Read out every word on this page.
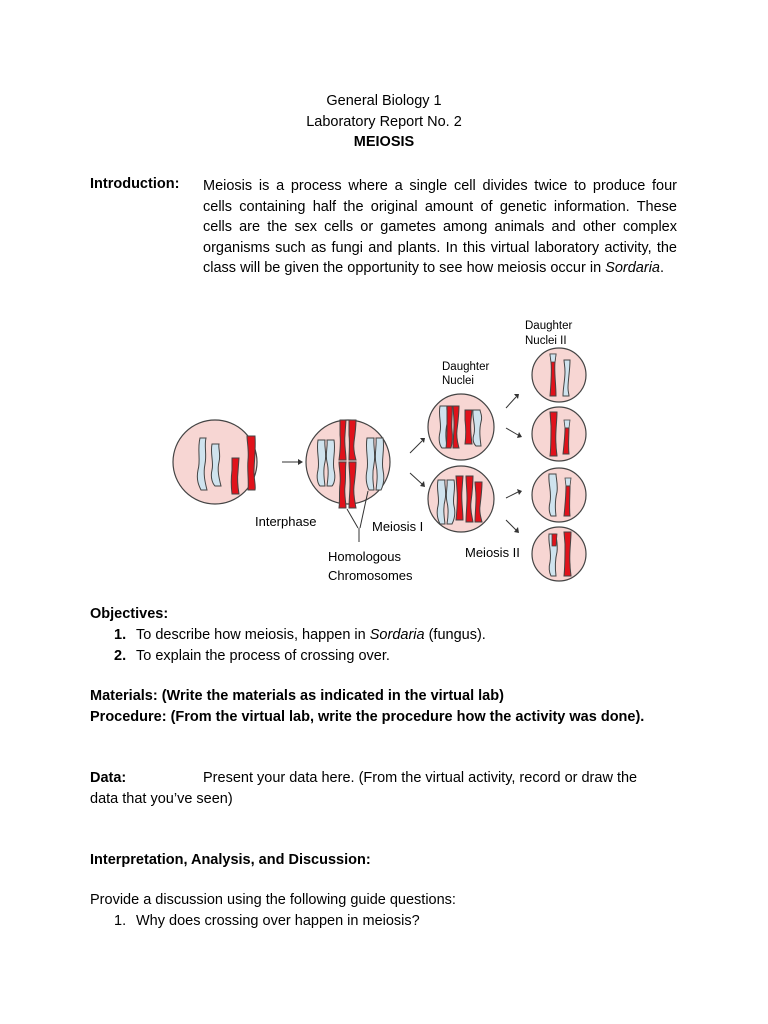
General Biology 1
Laboratory Report No. 2
MEIOSIS
Introduction: Meiosis is a process where a single cell divides twice to produce four cells containing half the original amount of genetic information. These cells are the sex cells or gametes among animals and other complex organisms such as fungi and plants. In this virtual laboratory activity, the class will be given the opportunity to see how meiosis occur in Sordaria.
Daughter
Nuclei II
Daughter
Nuclei
Interphase	Meiosis I
Meiosis II
Homologous
Chromosomes
Objectives:
1. To describe how meiosis, happen in Sordaria (fungus).
2. To explain the process of crossing over.
Materials: (Write the materials as indicated in the virtual lab)
Procedure: (From the virtual lab, write the procedure how the activity was done).
Data:	Present your data here. (From the virtual activity, record or draw the
data that you’ve seen)
Interpretation, Analysis, and Discussion:
Provide a discussion using the following guide questions:
1. Why does crossing over happen in meiosis?
